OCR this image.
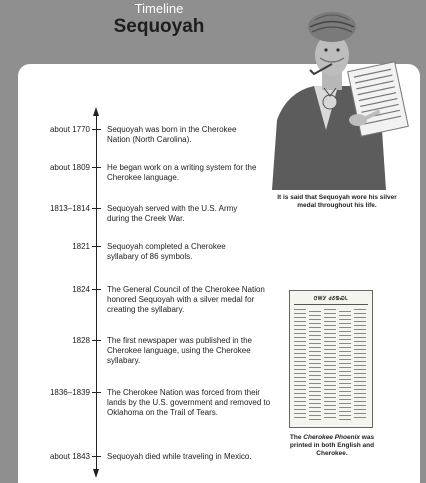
Timeline
Sequoyah
It is said that Sequoyah wore his silver medal throughout his life.
about 1770 Sequoyah was born in the Cherokee Nation (North Carolina).
about 1809 He began work on a writing system for the Cherokee language.
1813–1814 Sequoyah served with the U.S. Army during the Creek War.
1821 Sequoyah completed a Cherokee syllabary of 86 symbols.
1824 The General Council of the Cherokee Nation honored Sequoyah with a silver medal for creating the syllabary.
1828 The first newspaper was published in the Cherokee language, using the Cherokee syllabary.
1836–1839 The Cherokee Nation was forced from their lands by the U.S. government and removed to Oklahoma on the Trail of Tears.
about 1843 Sequoyah died while traveling in Mexico.
ᏣᎳᎩ ᏧᎴᏫᏍᏓ
The Cherokee Phoenix was printed in both English and Cherokee.
